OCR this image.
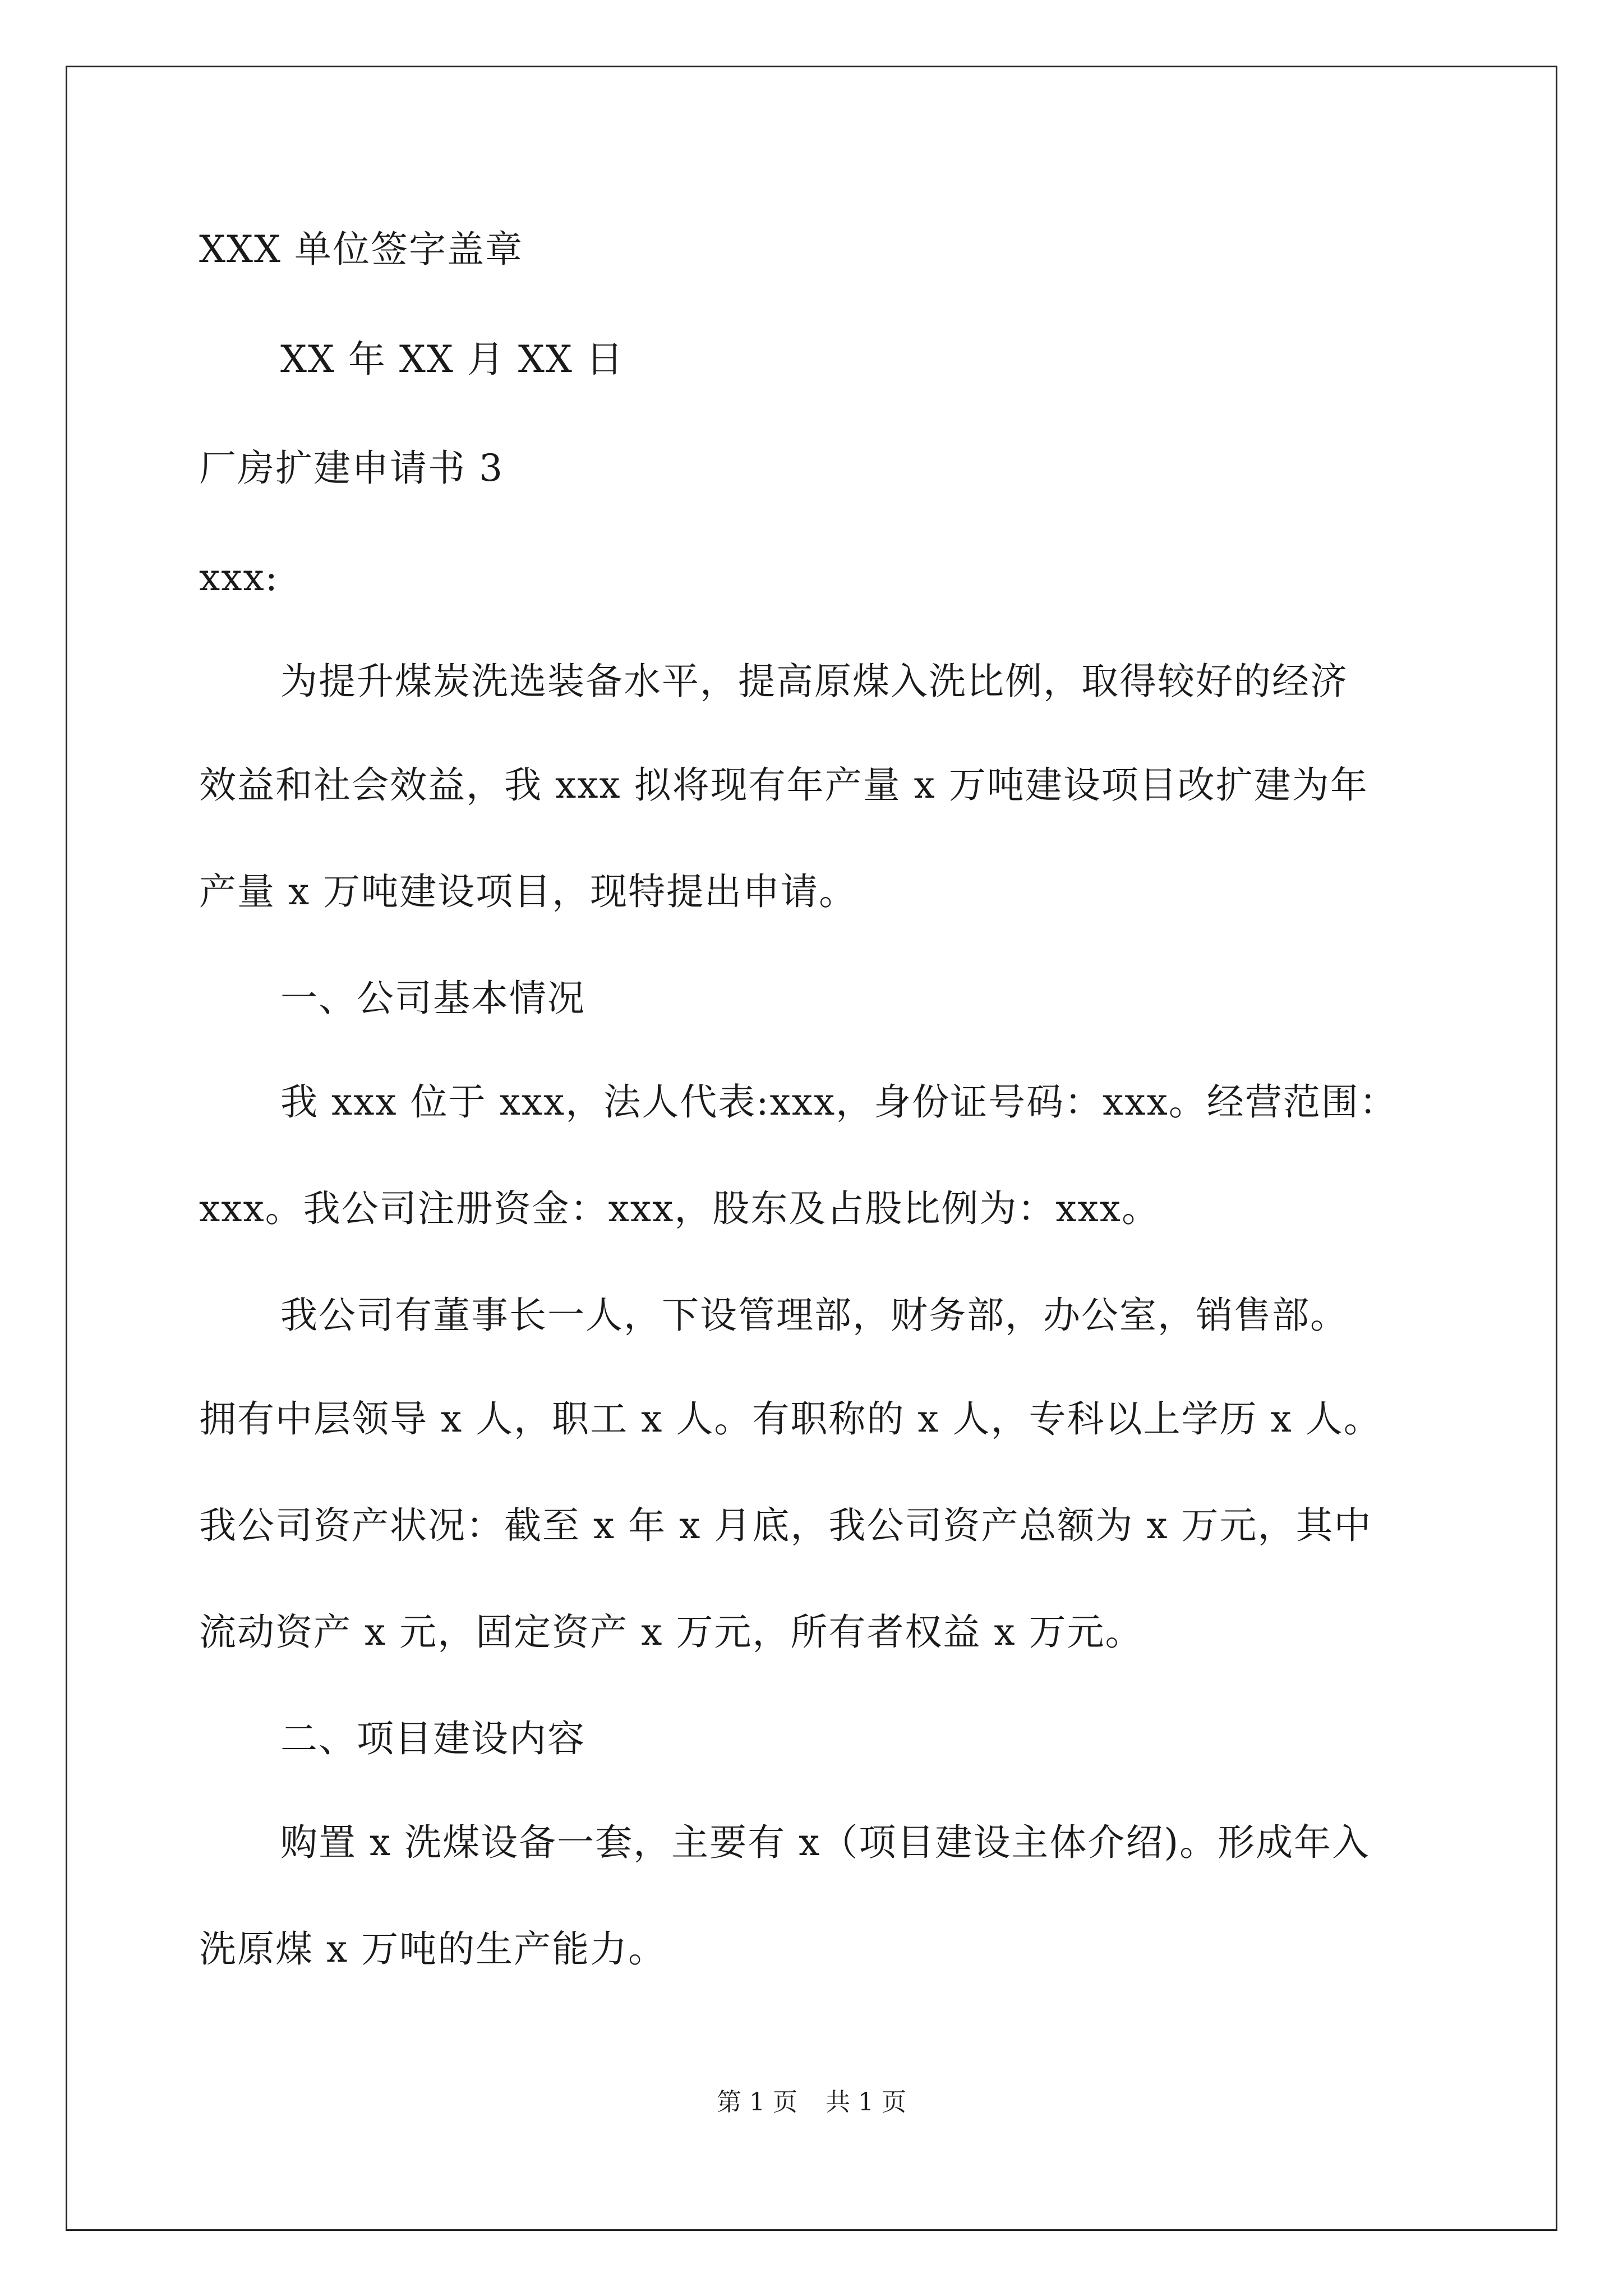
XXX 单位签字盖章
XX 年 XX 月 XX 日
厂房扩建申请书 3
xxx:
为提升煤炭洗选装备水平，提高原煤入洗比例，取得较好的经济
效益和社会效益，我 xxx 拟将现有年产量 x 万吨建设项目改扩建为年
产量 x 万吨建设项目，现特提出申请。
一、公司基本情况
我 xxx 位于 xxx，法人代表:xxx，身份证号码：xxx。经营范围：
xxx。我公司注册资金：xxx，股东及占股比例为：xxx。
我公司有董事长一人，下设管理部，财务部，办公室，销售部。
拥有中层领导 x 人，职工 x 人。有职称的 x 人，专科以上学历 x 人。
我公司资产状况：截至 x 年 x 月底，我公司资产总额为 x 万元，其中
流动资产 x 元，固定资产 x 万元，所有者权益 x 万元。
二、项目建设内容
购置 x 洗煤设备一套，主要有 x（项目建设主体介绍)。形成年入
洗原煤 x 万吨的生产能力。
第 1 页 共 1 页
